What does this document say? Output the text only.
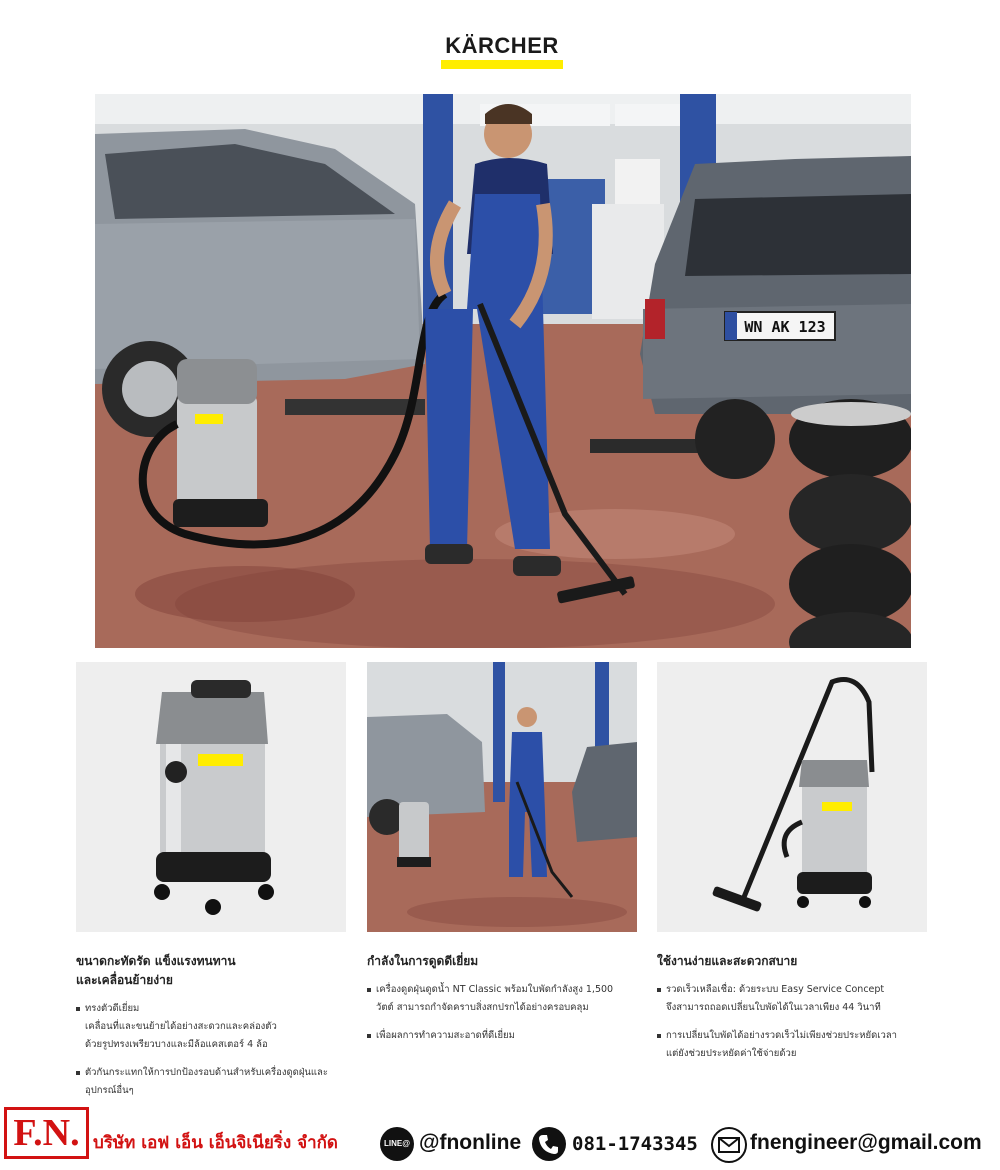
KÄRCHER
WN AK 123
ขนาดกะทัดรัด แข็งแรงทนทาน
และเคลื่อนย้ายง่าย
ทรงตัวดีเยี่ยม
เคลื่อนที่และขนย้ายได้อย่างสะดวกและคล่องตัว
ด้วยรูปทรงเพรียวบางและมีล้อแคสเตอร์ 4 ล้อ
ตัวกันกระแทกให้การปกป้องรอบด้านสำหรับเครื่องดูดฝุ่นและ
อุปกรณ์อื่นๆ
กำลังในการดูดดีเยี่ยม
เครื่องดูดฝุ่นดูดน้ำ NT Classic พร้อมใบพัดกำลังสูง 1,500
วัตต์ สามารถกำจัดคราบสิ่งสกปรกได้อย่างครอบคลุม
เพื่อผลการทำความสะอาดที่ดีเยี่ยม
ใช้งานง่ายและสะดวกสบาย
รวดเร็วเหลือเชื่อ: ด้วยระบบ Easy Service Concept
จึงสามารถถอดเปลี่ยนใบพัดได้ในเวลาเพียง 44 วินาที
การเปลี่ยนใบพัดได้อย่างรวดเร็วไม่เพียงช่วยประหยัดเวลา
แต่ยังช่วยประหยัดค่าใช้จ่ายด้วย
F.N. บริษัท เอฟ เอ็น เอ็นจิเนียริ่ง จำกัด	LINE@ @fnonline	081-1743345 fnengineer@gmail.com
